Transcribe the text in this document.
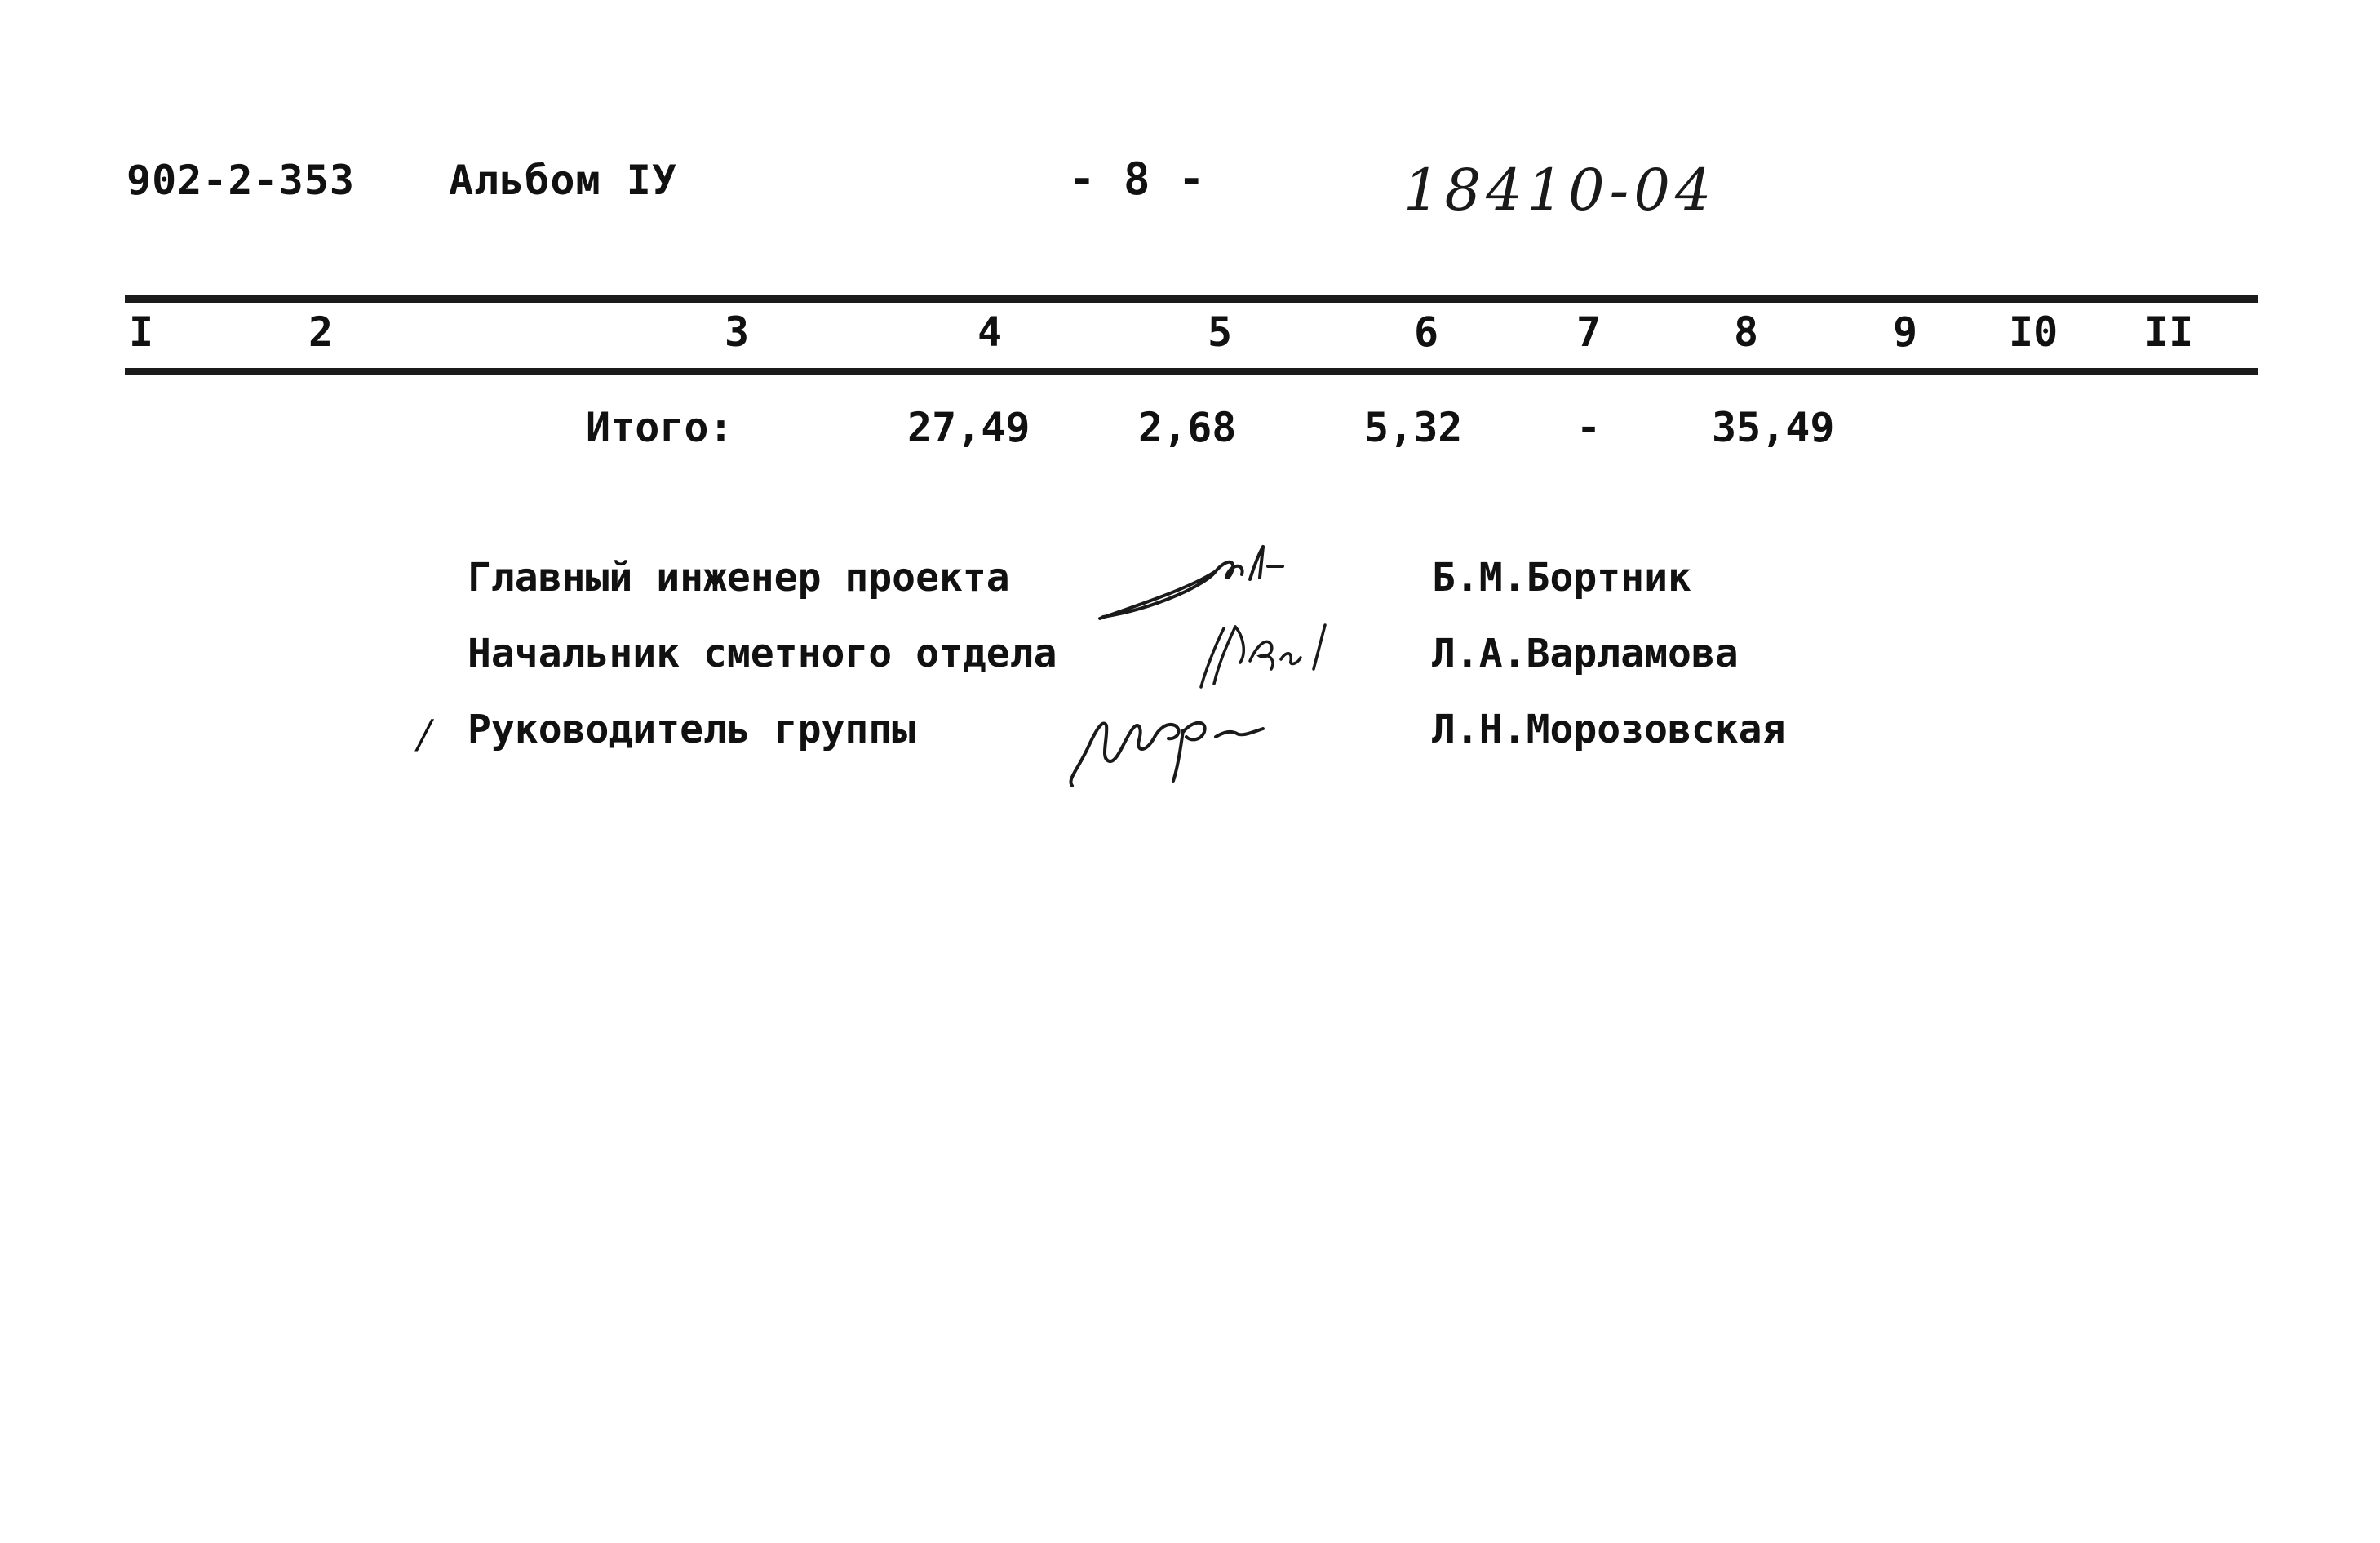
902-2-353 Альбом IУ	- 8 -	18410-04
I	2	3	4	5	6	7	8	9 I0 II
Итого:	27,49	2,68	5,32	-	35,49
Главный инженер проекта	Б.М.Бортник
Начальник сметного отдела	Л.А.Варламова
/ Руководитель группы	Л.Н.Морозовская
